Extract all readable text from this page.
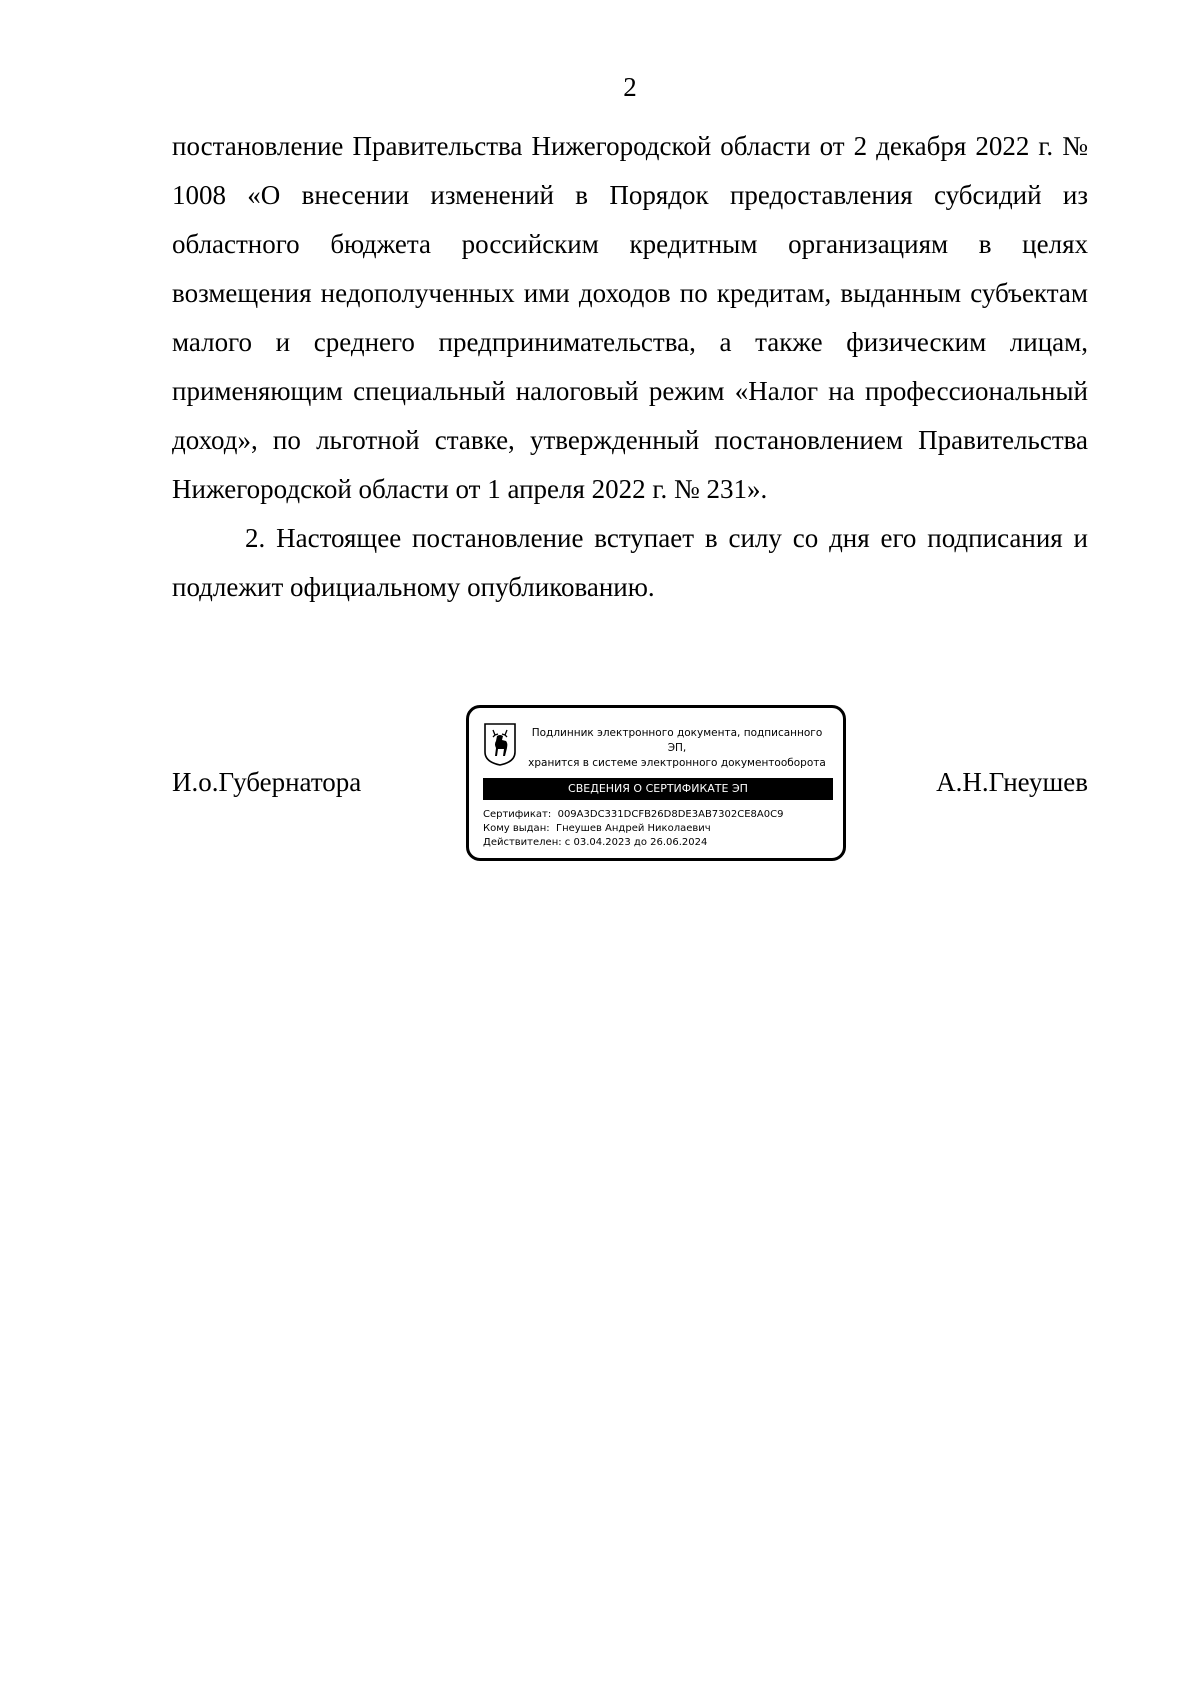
2

постановление Правительства Нижегородской области от 2 декабря 2022 г. № 1008 «О внесении изменений в Порядок предоставления субсидий из областного бюджета российским кредитным организациям в целях возмещения недополученных ими доходов по кредитам, выданным субъектам малого и среднего предпринимательства, а также физическим лицам, применяющим специальный налоговый режим «Налог на профессиональный доход», по льготной ставке, утвержденный постановлением Правительства Нижегородской области от 1 апреля 2022 г. № 231».

2. Настоящее постановление вступает в силу со дня его подписания и подлежит официальному опубликованию.

И.о.Губернатора
Подлинник электронного документа, подписанного ЭП,
хранится в системе электронного документооборота
СВЕДЕНИЯ О СЕРТИФИКАТЕ ЭП
Сертификат: 009A3DC331DCFB26D8DE3AB7302CE8A0C9
Кому выдан: Гнеушев Андрей Николаевич
Действителен: с 03.04.2023 до 26.06.2024
А.Н.Гнеушев
